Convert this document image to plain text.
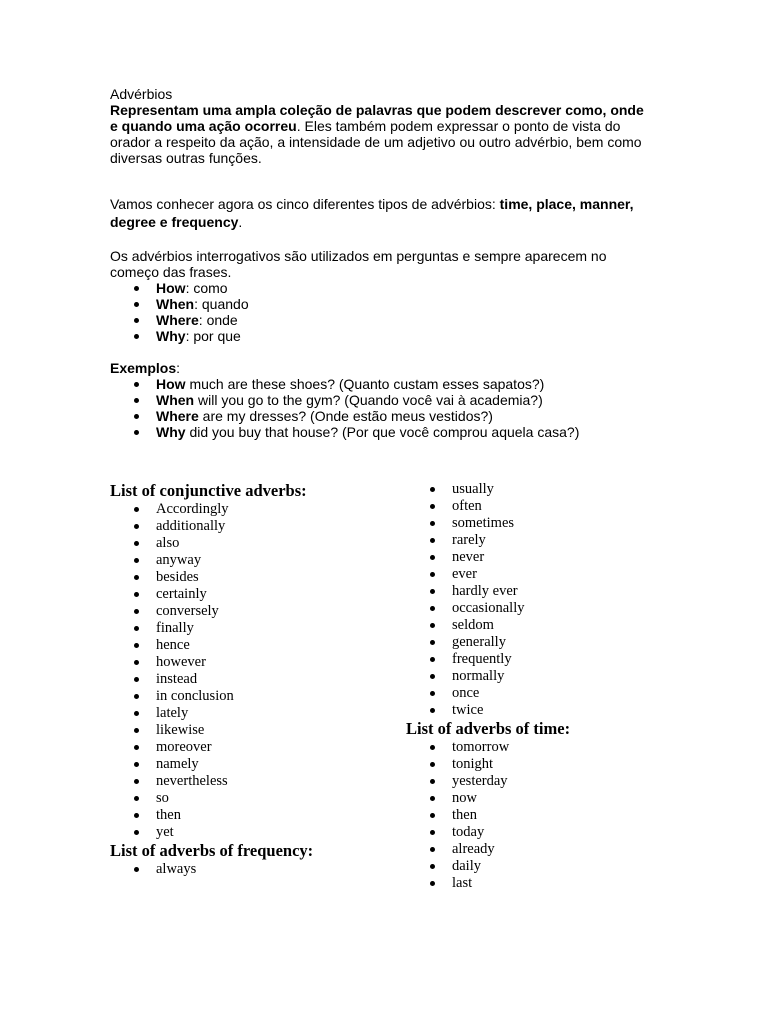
Advérbios

Representam uma ampla coleção de palavras que podem descrever como, onde e quando uma ação ocorreu. Eles também podem expressar o ponto de vista do orador a respeito da ação, a intensidade de um adjetivo ou outro advérbio, bem como diversas outras funções.

Vamos conhecer agora os cinco diferentes tipos de advérbios: time, place, manner, degree e frequency.

Os advérbios interrogativos são utilizados em perguntas e sempre aparecem no começo das frases.

How: como
When: quando
Where: onde
Why: por que

Exemplos:

How much are these shoes? (Quanto custam esses sapatos?)
When will you go to the gym? (Quando você vai à academia?)
Where are my dresses? (Onde estão meus vestidos?)
Why did you buy that house? (Por que você comprou aquela casa?)
List of conjunctive adverbs:
Accordingly
additionally
also
anyway
besides
certainly
conversely
finally
hence
however
instead
in conclusion
lately
likewise
moreover
namely
nevertheless
so
then
yet
List of adverbs of frequency:
always
usually
often
sometimes
rarely
never
ever
hardly ever
occasionally
seldom
generally
frequently
normally
once
twice
List of adverbs of time:
tomorrow
tonight
yesterday
now
then
today
already
daily
last
